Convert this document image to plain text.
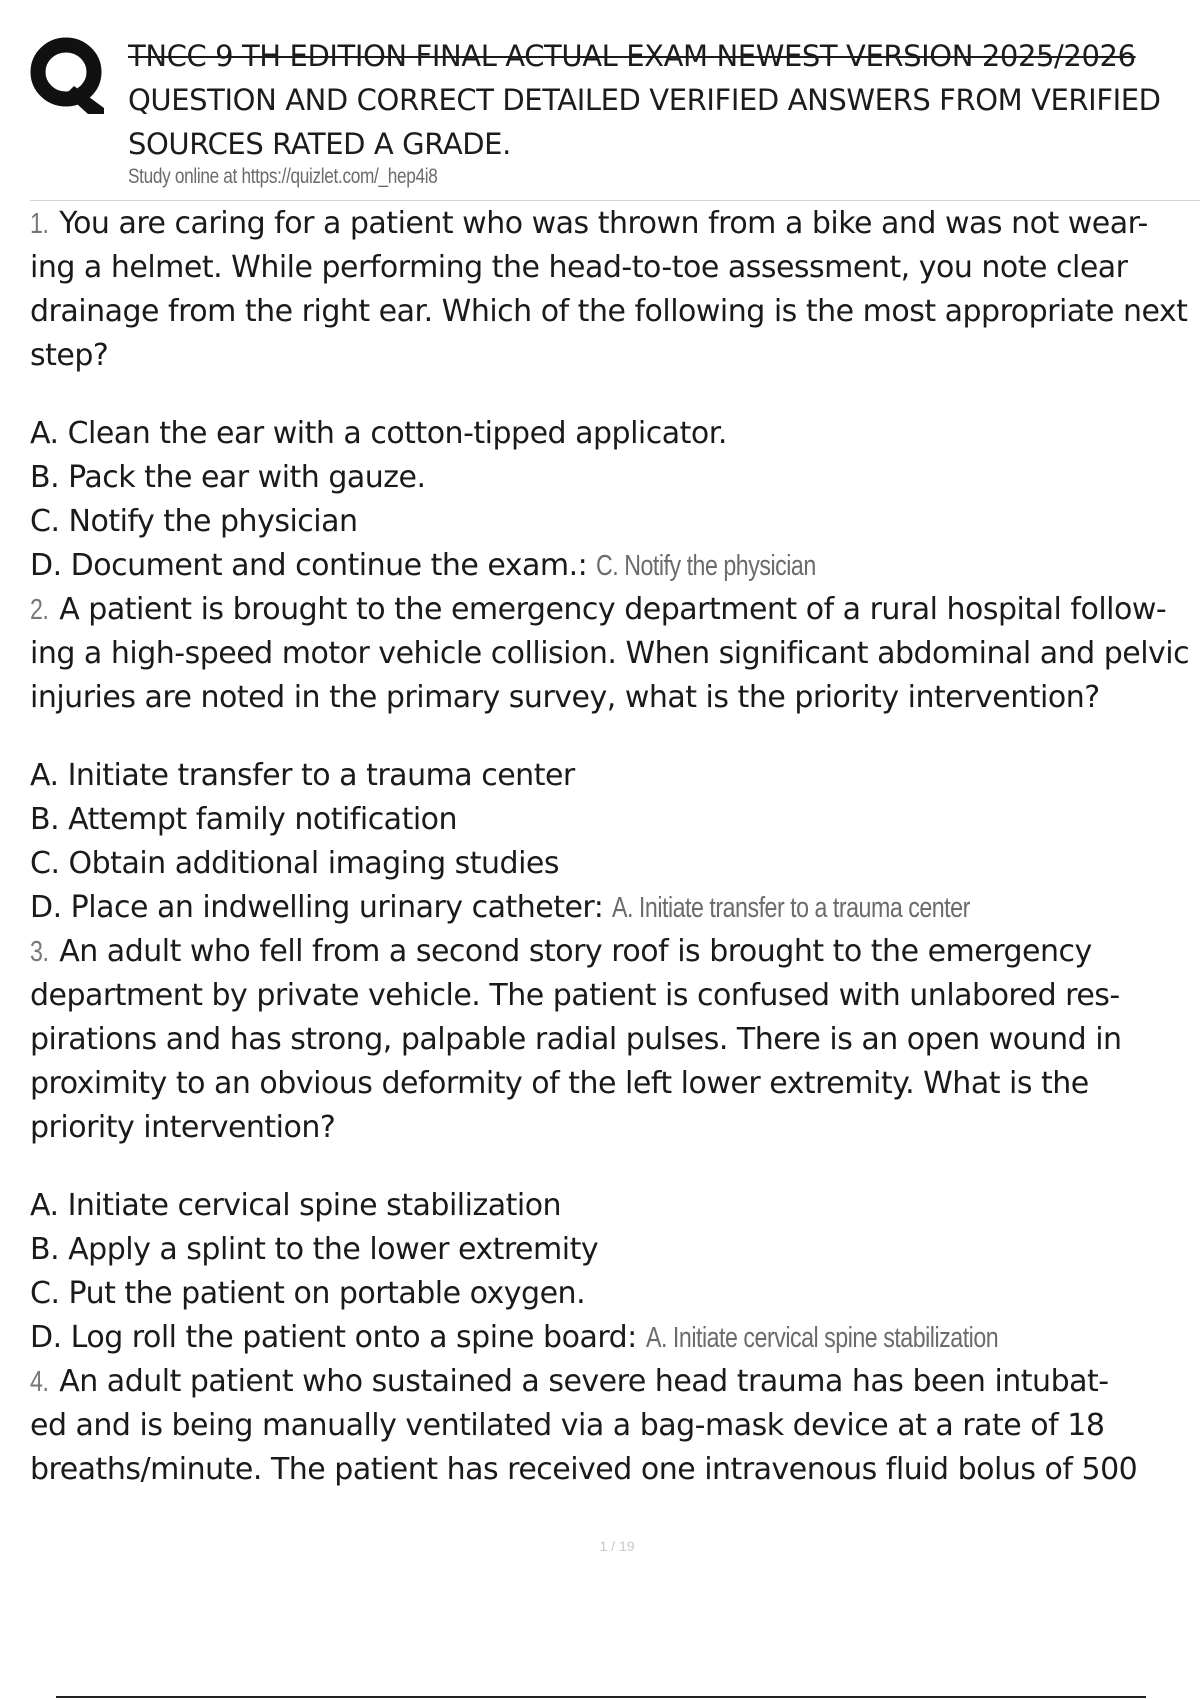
TNCC 9 TH EDITION FINAL ACTUAL EXAM NEWEST VERSION 2025/2026
QUESTION AND CORRECT DETAILED VERIFIED ANSWERS FROM VERIFIED
SOURCES RATED A GRADE.
Study online at https://quizlet.com/_hep4i8
1. You are caring for a patient who was thrown from a bike and was not wear-
ing a helmet. While performing the head-to-toe assessment, you note clear
drainage from the right ear. Which of the following is the most appropriate next
step?
A. Clean the ear with a cotton-tipped applicator.
B. Pack the ear with gauze.
C. Notify the physician
D. Document and continue the exam.: C. Notify the physician
2. A patient is brought to the emergency department of a rural hospital follow-
ing a high-speed motor vehicle collision. When significant abdominal and pelvic
injuries are noted in the primary survey, what is the priority intervention?
A. Initiate transfer to a trauma center
B. Attempt family notification
C. Obtain additional imaging studies
D. Place an indwelling urinary catheter: A. Initiate transfer to a trauma center
3. An adult who fell from a second story roof is brought to the emergency
department by private vehicle. The patient is confused with unlabored res-
pirations and has strong, palpable radial pulses. There is an open wound in
proximity to an obvious deformity of the left lower extremity. What is the
priority intervention?
A. Initiate cervical spine stabilization
B. Apply a splint to the lower extremity
C. Put the patient on portable oxygen.
D. Log roll the patient onto a spine board: A. Initiate cervical spine stabilization
4. An adult patient who sustained a severe head trauma has been intubat-
ed and is being manually ventilated via a bag-mask device at a rate of 18
breaths/minute. The patient has received one intravenous fluid bolus of 500
1 / 19
